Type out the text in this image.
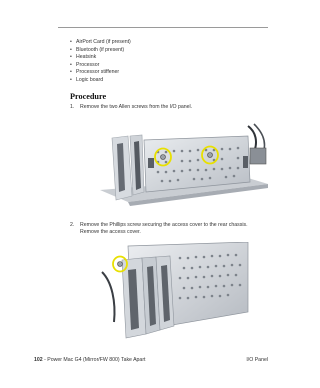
• AirPort Card (if present)
• Bluetooth (if present)
• Heatsink
• Processor
• Processor stiffener
• Logic board
Procedure
1. Remove the two Allen screws from the I/O panel.
2. Remove the Phillips screw securing the access cover to the rear chassis. Remove the access cover.
102 - Power Mac G4 (Mirror/FW 800) Take Apart	I/O Panel
